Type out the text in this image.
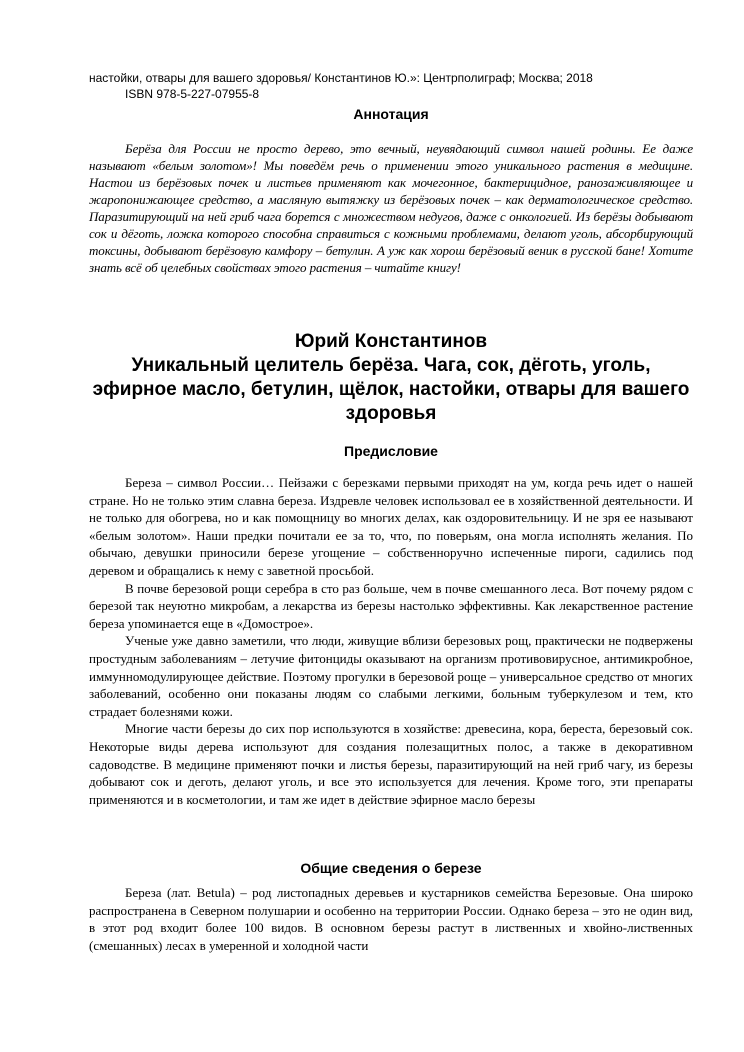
настойки, отвары для вашего здоровья/ Константинов Ю.»: Центрполиграф; Москва; 2018
ISBN 978-5-227-07955-8
Аннотация
Берёза для России не просто дерево, это вечный, неувядающий символ нашей родины. Ее даже называют «белым золотом»! Мы поведём речь о применении этого уникального растения в медицине. Настои из берёзовых почек и листьев применяют как мочегонное, бактерицидное, ранозаживляющее и жаропонижающее средство, а масляную вытяжку из берёзовых почек – как дерматологическое средство. Паразитирующий на ней гриб чага борется с множеством недугов, даже с онкологией. Из берёзы добывают сок и дёготь, ложка которого способна справиться с кожными проблемами, делают уголь, абсорбирующий токсины, добывают берёзовую камфору – бетулин. А уж как хорош берёзовый веник в русской бане! Хотите знать всё об целебных свойствах этого растения – читайте книгу!
Юрий Константинов
Уникальный целитель берёза. Чага, сок, дёготь, уголь, эфирное масло, бетулин, щёлок, настойки, отвары для вашего здоровья
Предисловие

Береза – символ России… Пейзажи с березками первыми приходят на ум, когда речь идет о нашей стране. Но не только этим славна береза. Издревле человек использовал ее в хозяйственной деятельности. И не только для обогрева, но и как помощницу во многих делах, как оздоровительницу. И не зря ее называют «белым золотом». Наши предки почитали ее за то, что, по поверьям, она могла исполнять желания. По обычаю, девушки приносили березе угощение – собственноручно испеченные пироги, садились под деревом и обращались к нему с заветной просьбой.

В почве березовой рощи серебра в сто раз больше, чем в почве смешанного леса. Вот почему рядом с березой так неуютно микробам, а лекарства из березы настолько эффективны. Как лекарственное растение береза упоминается еще в «Домострое».

Ученые уже давно заметили, что люди, живущие вблизи березовых рощ, практически не подвержены простудным заболеваниям – летучие фитонциды оказывают на организм противовирусное, антимикробное, иммунномодулирующее действие. Поэтому прогулки в березовой роще – универсальное средство от многих заболеваний, особенно они показаны людям со слабыми легкими, больным туберкулезом и тем, кто страдает болезнями кожи.

Многие части березы до сих пор используются в хозяйстве: древесина, кора, береста, березовый сок. Некоторые виды дерева используют для создания полезащитных полос, а также в декоративном садоводстве. В медицине применяют почки и листья березы, паразитирующий на ней гриб чагу, из березы добывают сок и деготь, делают уголь, и все это используется для лечения. Кроме того, эти препараты применяются и в косметологии, и там же идет в действие эфирное масло березы

Общие сведения о березе

Береза (лат. Betula) – род листопадных деревьев и кустарников семейства Березовые. Она широко распространена в Северном полушарии и особенно на территории России. Однако береза – это не один вид, в этот род входит более 100 видов. В основном березы растут в лиственных и хвойно-лиственных (смешанных) лесах в умеренной и холодной части
